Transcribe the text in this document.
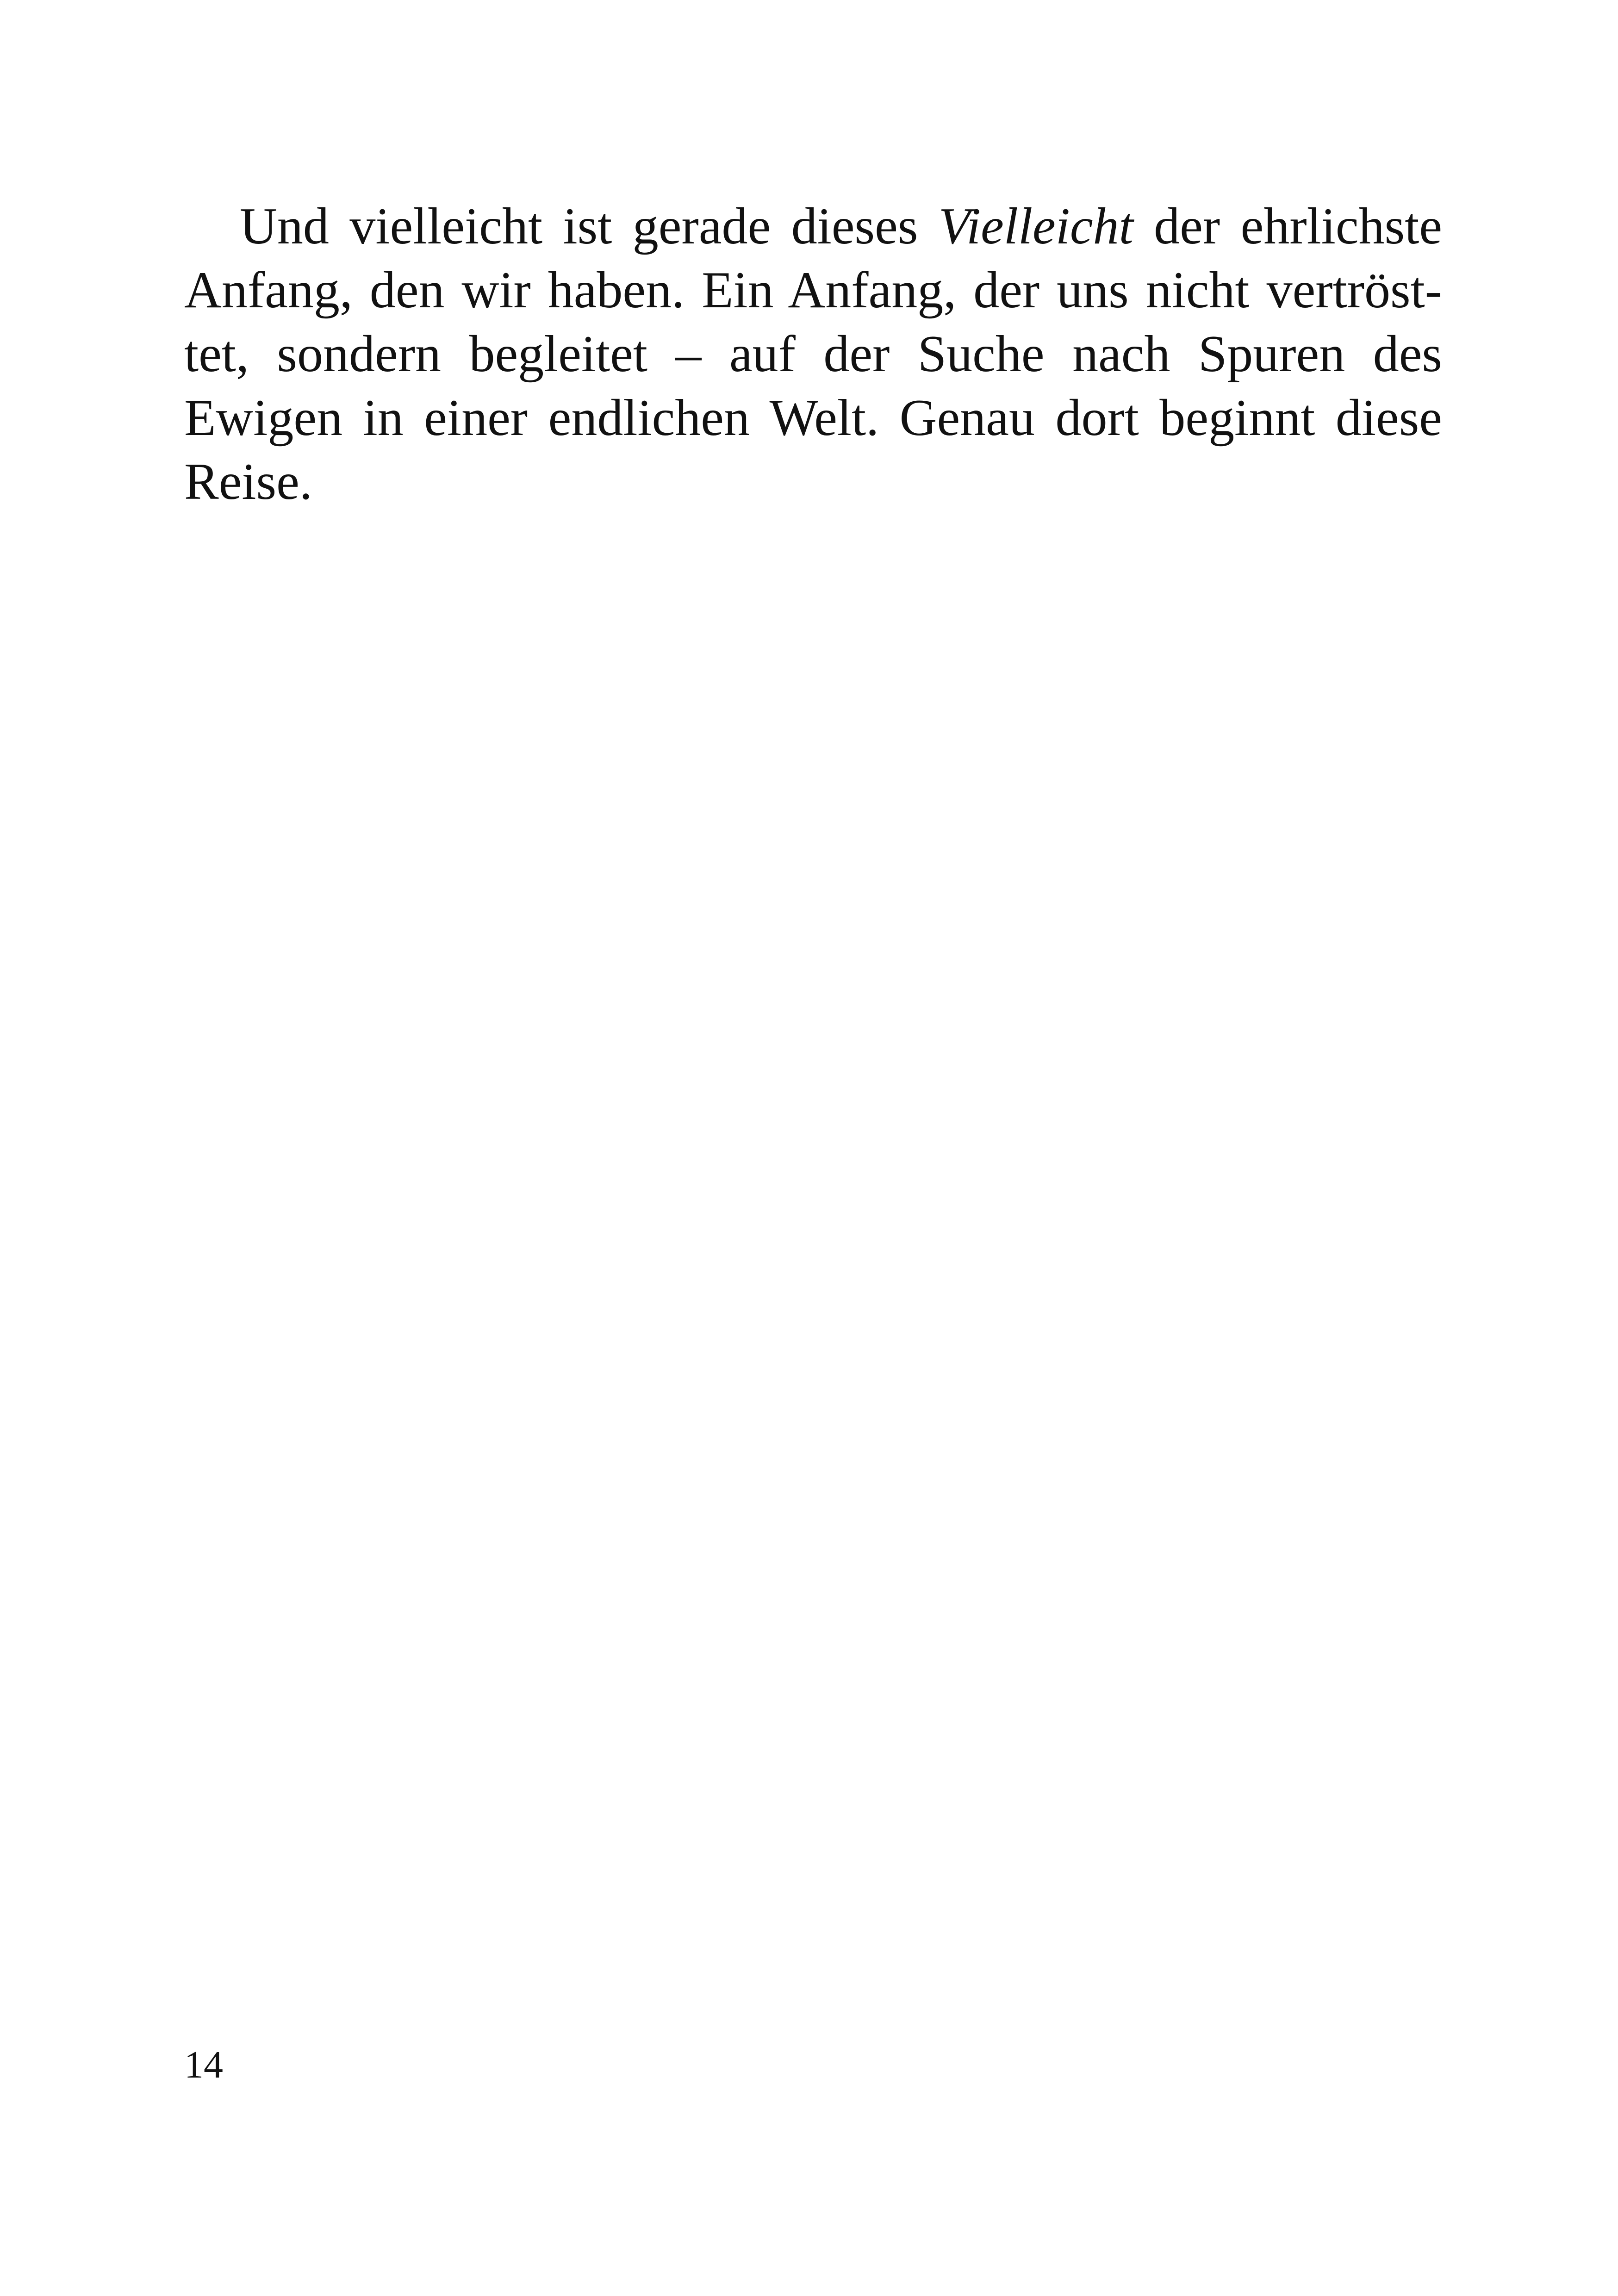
Und vielleicht ist gerade dieses Vielleicht der ehrlichste
Anfang, den wir haben. Ein Anfang, der uns nicht vertröst-
tet, sondern begleitet – auf der Suche nach Spuren des
Ewigen in einer endlichen Welt. Genau dort beginnt diese
Reise.
14
